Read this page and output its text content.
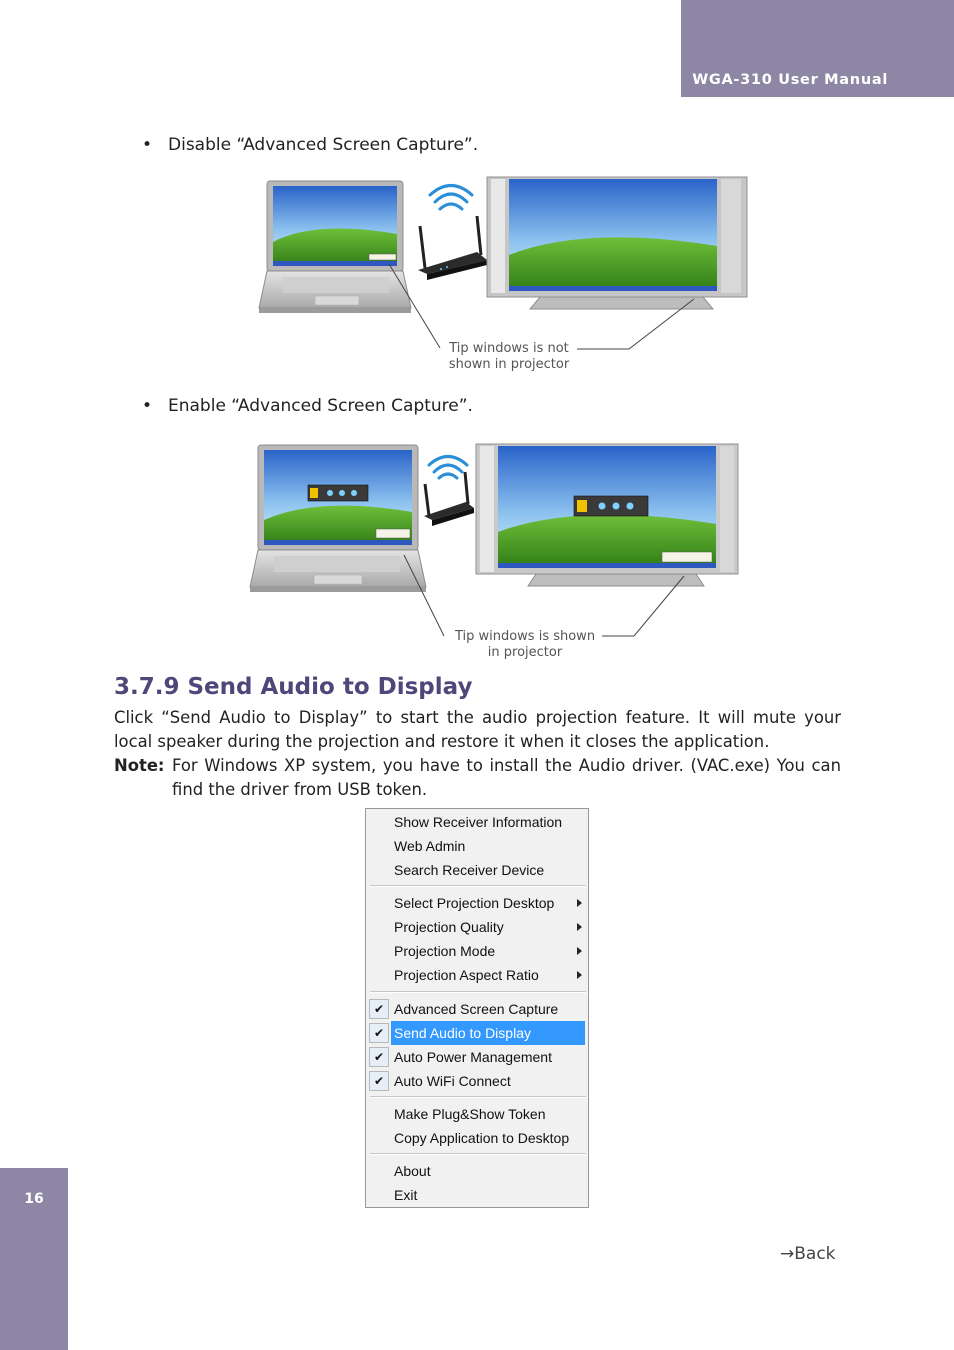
WGA-310 User Manual
16
• Disable “Advanced Screen Capture”.
Tip windows is not
shown in projector
• Enable “Advanced Screen Capture”.
Tip windows is shown
in projector
3.7.9 Send Audio to Display
Click “Send Audio to Display” to start the audio projection feature. It will mute your
local speaker during the projection and restore it when it closes the application.
Note: For Windows XP system, you have to install the Audio driver. (VAC.exe) You can
find the driver from USB token.
Show Receiver Information
Web Admin
Search Receiver Device
Select Projection Desktop
Projection Quality
Projection Mode
Projection Aspect Ratio
✔ Advanced Screen Capture
✔ Send Audio to Display
✔ Auto Power Management
✔ Auto WiFi Connect
Make Plug&Show Token
Copy Application to Desktop
About
Exit
→Back
